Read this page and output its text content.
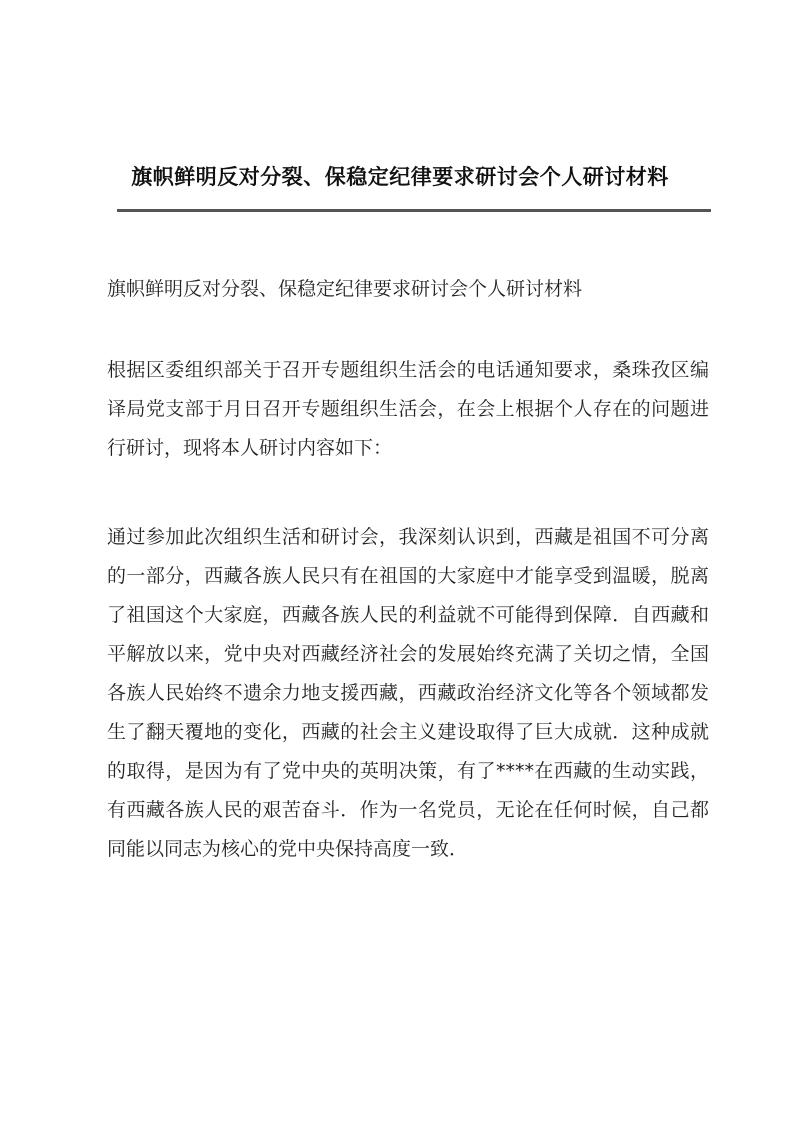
旗帜鲜明反对分裂、保稳定纪律要求研讨会个人研讨材料

旗帜鲜明反对分裂、保稳定纪律要求研讨会个人研讨材料

根据区委组织部关于召开专题组织生活会的电话通知要求，桑珠孜区编译局党支部于月日召开专题组织生活会，在会上根据个人存在的问题进行研讨，现将本人研讨内容如下：

通过参加此次组织生活和研讨会，我深刻认识到，西藏是祖国不可分离的一部分，西藏各族人民只有在祖国的大家庭中才能享受到温暖，脱离了祖国这个大家庭，西藏各族人民的利益就不可能得到保障．自西藏和平解放以来，党中央对西藏经济社会的发展始终充满了关切之情，全国各族人民始终不遗余力地支援西藏，西藏政治经济文化等各个领域都发生了翻天覆地的变化，西藏的社会主义建设取得了巨大成就．这种成就的取得，是因为有了党中央的英明决策，有了****在西藏的生动实践，有西藏各族人民的艰苦奋斗．作为一名党员，无论在任何时候，自己都同能以同志为核心的党中央保持高度一致．
